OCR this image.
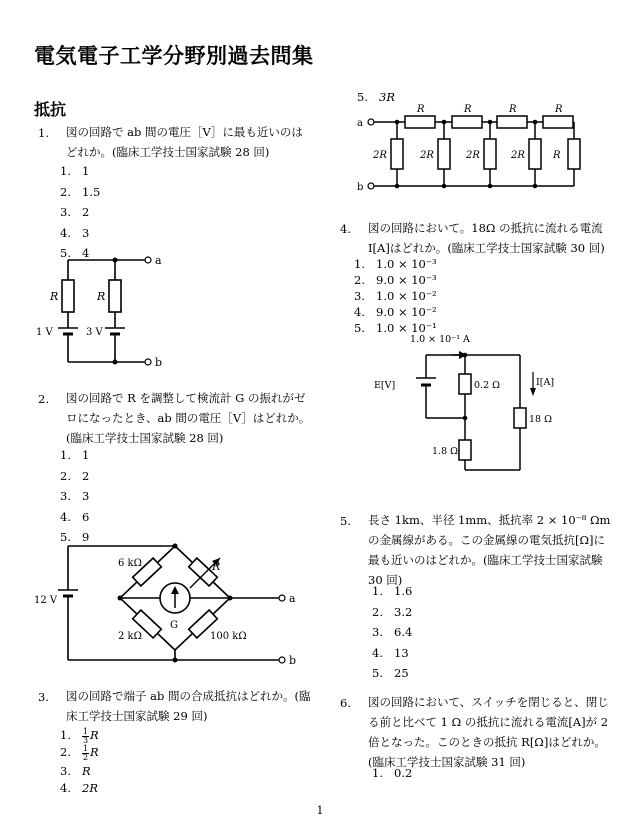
電気電子工学分野別過去問集
抵抗
1. 図の回路で ab 間の電圧［V］に最も近いのはどれか。(臨床工学技士国家試験 28 回)
1. 1
2. 1.5
3. 2
4. 3
5. 4
a
b
R	R
1 V	3 V
2. 図の回路で R を調整して検流計 G の振れがゼロになったとき、ab 間の電圧［V］はどれか。(臨床工学技士国家試験 28 回)
1. 1
2. 2
3. 3
4. 6
5. 9
12 V
6 kΩ	R
2 kΩ	100 kΩ
G
a
b
3. 図の回路で端子 ab 間の合成抵抗はどれか。(臨床工学技士国家試験 29 回)
1.	$\frac{1}{3}$ R
2.	$\frac{1}{2}$ R
3. R
4. 2R
5. 3R
a
b
R	R	R	R
2R	2R	2R	2R	R
4. 図の回路において。18Ω の抵抗に流れる電流 I[A]はどれか。(臨床工学技士国家試験 30 回)
1. 1.0 × 10⁻³
2. 9.0 × 10⁻³
3. 1.0 × 10⁻²
4. 9.0 × 10⁻²
5. 1.0 × 10⁻¹
1.0 × 10⁻¹ A
E[V]	0.2 Ω
18 Ω
1.8 Ω
I[A]
5. 長さ 1km、半径 1mm、抵抗率 2 × 10⁻⁸ Ωm の金属線がある。この金属線の電気抵抗[Ω]に最も近いのはどれか。(臨床工学技士国家試験 30 回)
1. 1.6
2. 3.2
3. 6.4
4. 13
5. 25
6. 図の回路において、スイッチを閉じると、閉じる前と比べて 1 Ω の抵抗に流れる電流[A]が 2 倍となった。このときの抵抗 R[Ω]はどれか。(臨床工学技士国家試験 31 回)
1. 0.2
1
